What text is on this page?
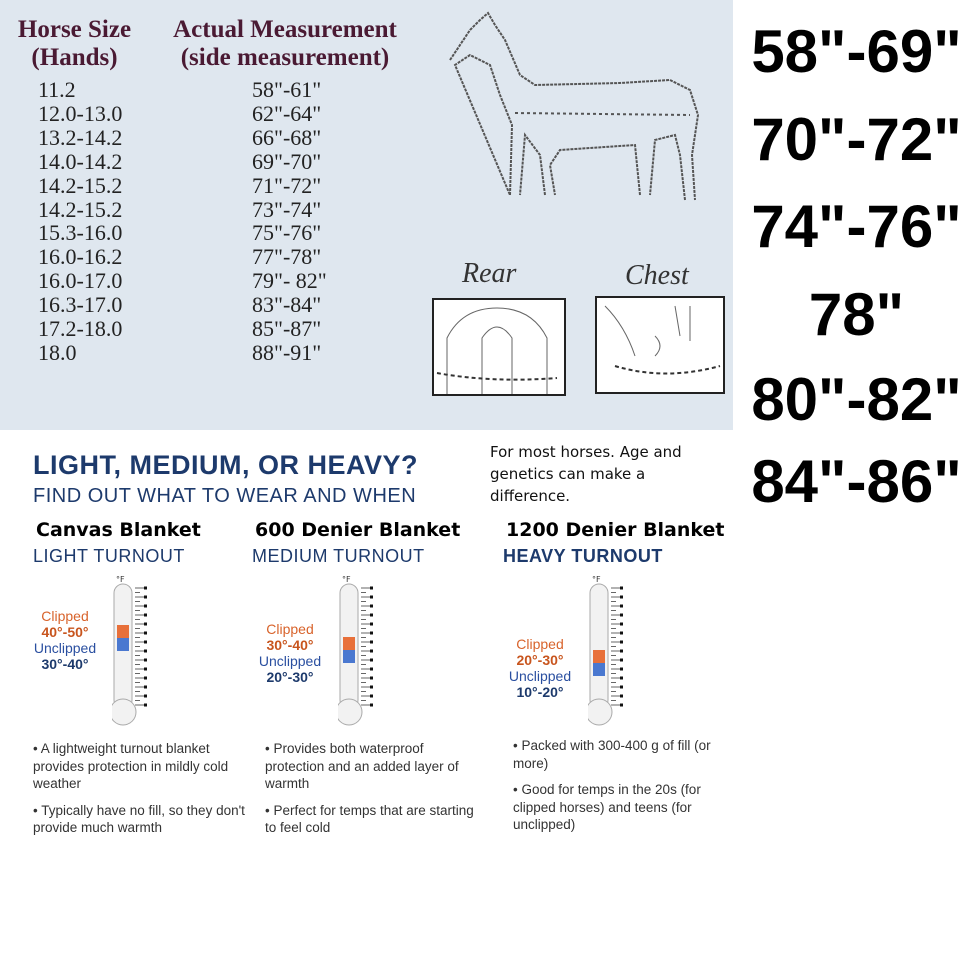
Horse Size
(Hands)
Actual Measurement
(side measurement)
11.2
12.0-13.0
13.2-14.2
14.0-14.2
14.2-15.2
14.2-15.2
15.3-16.0
16.0-16.2
16.0-17.0
16.3-17.0
17.2-18.0
18.0
58"-61"
62"-64"
66"-68"
69"-70"
71"-72"
73"-74"
75"-76"
77"-78"
79"- 82"
83"-84"
85"-87"
88"-91"
Rear	Chest
58"-69"
70"-72"
74"-76"
78"
80"-82"
84"-86"
LIGHT, MEDIUM, OR HEAVY?
FIND OUT WHAT TO WEAR AND WHEN
For most horses. Age and genetics can make a difference.
Canvas Blanket
LIGHT TURNOUT
°F
Clipped
40°-50°
Unclipped
30°-40°

• A lightweight turnout blanket provides protection in mildly cold weather

• Typically have no fill, so they don't provide much warmth

600 Denier Blanket
MEDIUM TURNOUT
°F
Clipped
30°-40°
Unclipped
20°-30°

• Provides both waterproof protection and an added layer of warmth

• Perfect for temps that are starting to feel cold

1200 Denier Blanket
HEAVY TURNOUT
°F
Clipped
20°-30°
Unclipped
10°-20°

• Packed with 300-400 g of fill (or more)

• Good for temps in the 20s (for clipped horses) and teens (for unclipped)
